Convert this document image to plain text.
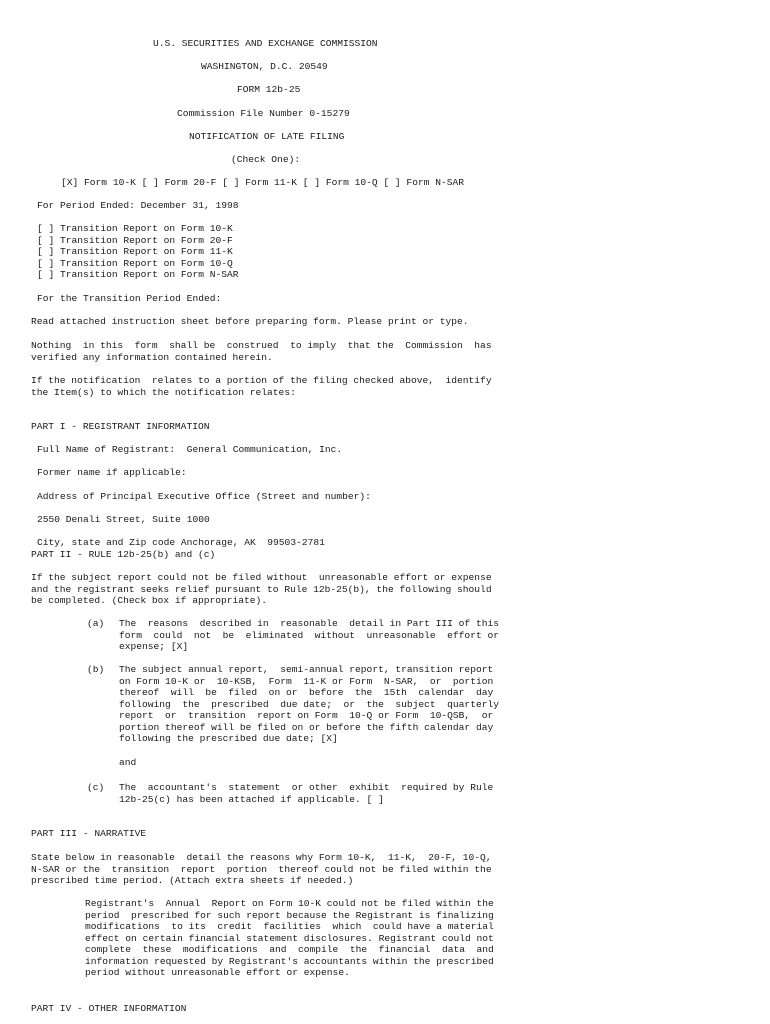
U.S. SECURITIES AND EXCHANGE COMMISSION
WASHINGTON, D.C. 20549
FORM 12b-25
Commission File Number 0-15279
NOTIFICATION OF LATE FILING
(Check One):
[X] Form 10-K [ ] Form 20-F [ ] Form 11-K [ ] Form 10-Q [ ] Form N-SAR
For Period Ended: December 31, 1998
[ ] Transition Report on Form 10-K
[ ] Transition Report on Form 20-F
[ ] Transition Report on Form 11-K
[ ] Transition Report on Form 10-Q
[ ] Transition Report on Form N-SAR
For the Transition Period Ended:
Read attached instruction sheet before preparing form. Please print or type.
Nothing  in this  form  shall be  construed  to imply  that the  Commission  has
verified any information contained herein.
If the notification  relates to a portion of the filing checked above,  identify
the Item(s) to which the notification relates:
PART I - REGISTRANT INFORMATION
Full Name of Registrant:  General Communication, Inc.
Former name if applicable:
Address of Principal Executive Office (Street and number):
2550 Denali Street, Suite 1000
City, state and Zip code Anchorage, AK  99503-2781
PART II - RULE 12b-25(b) and (c)
If the subject report could not be filed without  unreasonable effort or expense
and the registrant seeks relief pursuant to Rule 12b-25(b), the following should
be completed. (Check box if appropriate).
(a) The  reasons  described in  reasonable  detail in Part III of this
form  could  not  be  eliminated  without  unreasonable  effort or
expense; [X]
(b) The subject annual report,  semi-annual report, transition report
on Form 10-K or  10-KSB,  Form  11-K or Form  N-SAR,  or  portion
thereof  will  be  filed  on or  before  the  15th  calendar  day
following  the  prescribed  due date;  or  the  subject  quarterly
report  or  transition  report on Form  10-Q or Form  10-QSB,  or
portion thereof will be filed on or before the fifth calendar day
following the prescribed due date; [X]
and
(c) The  accountant's  statement  or other  exhibit  required by Rule
12b-25(c) has been attached if applicable. [ ]
PART III - NARRATIVE
State below in reasonable  detail the reasons why Form 10-K,  11-K,  20-F, 10-Q,
N-SAR or the  transition  report  portion  thereof could not be filed within the
prescribed time period. (Attach extra sheets if needed.)
Registrant's  Annual  Report on Form 10-K could not be filed within the
period  prescribed for such report because the Registrant is finalizing
modifications  to its  credit  facilities  which  could have a material
effect on certain financial statement disclosures. Registrant could not
complete  these  modifications  and  compile  the  financial  data  and
information requested by Registrant's accountants within the prescribed
period without unreasonable effort or expense.
PART IV - OTHER INFORMATION
